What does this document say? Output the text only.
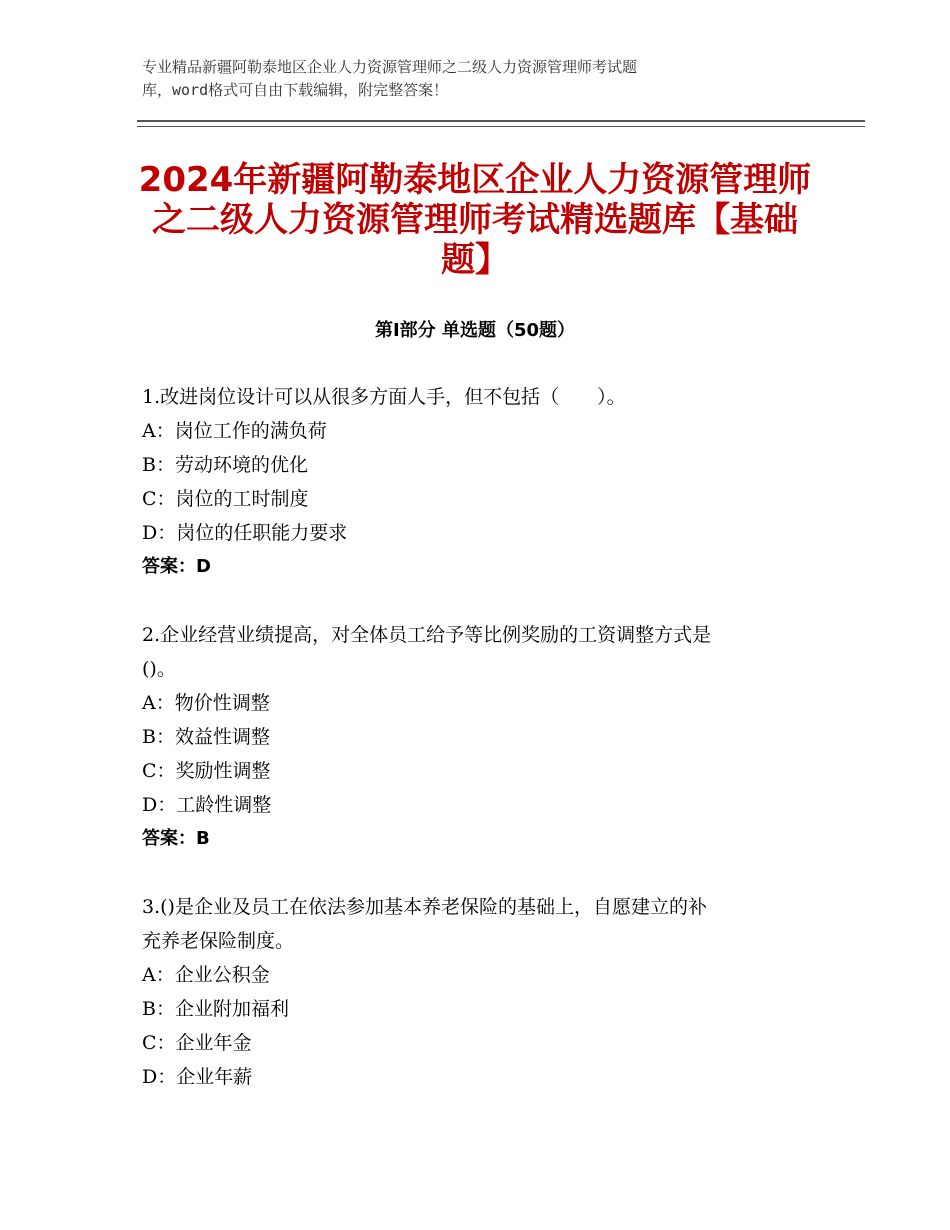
专业精品新疆阿勒泰地区企业人力资源管理师之二级人力资源管理师考试题
库，word格式可自由下载编辑，附完整答案！
2024年新疆阿勒泰地区企业人力资源管理师
之二级人力资源管理师考试精选题库【基础
题】
第Ⅰ部分 单选题（50题）
1.改进岗位设计可以从很多方面人手，但不包括（　　）。
A：岗位工作的满负荷
B：劳动环境的优化
C：岗位的工时制度
D：岗位的任职能力要求
答案：D
2.企业经营业绩提高，对全体员工给予等比例奖励的工资调整方式是
()。
A：物价性调整
B：效益性调整
C：奖励性调整
D：工龄性调整
答案：B
3.()是企业及员工在依法参加基本养老保险的基础上，自愿建立的补
充养老保险制度。
A：企业公积金
B：企业附加福利
C：企业年金
D：企业年薪
